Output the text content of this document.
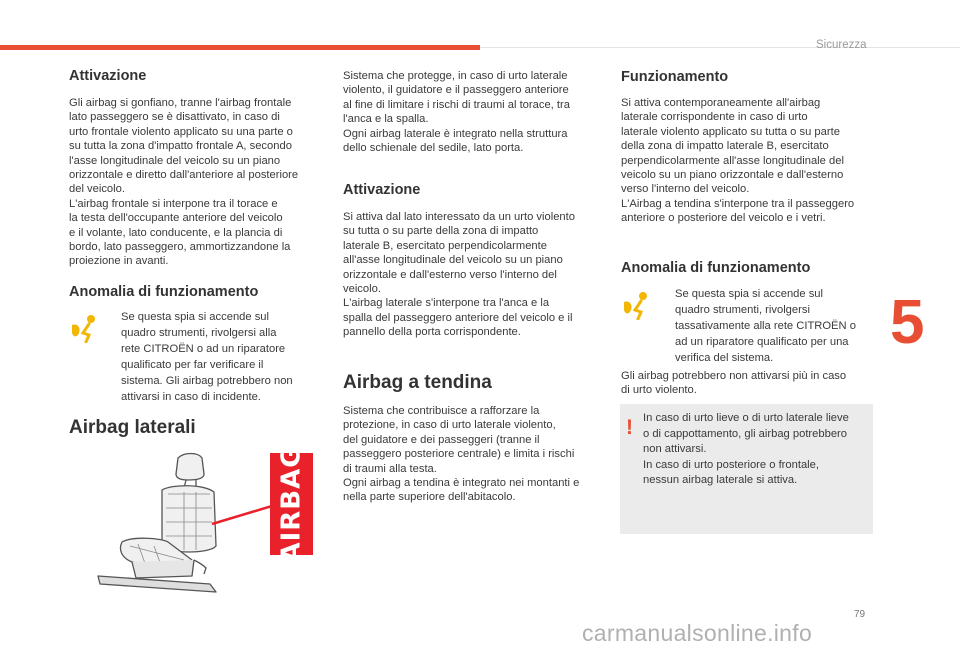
Sicurezza
Attivazione

Gli airbag si gonfiano, tranne l'airbag frontale

lato passeggero se è disattivato, in caso di

urto frontale violento applicato su una parte o

su tutta la zona d'impatto frontale A, secondo

l'asse longitudinale del veicolo su un piano

orizzontale e diretto dall'anteriore al posteriore

del veicolo.

L'airbag frontale si interpone tra il torace e

la testa dell'occupante anteriore del veicolo

e il volante, lato conducente, e la plancia di

bordo, lato passeggero, ammortizzandone la

proiezione in avanti.

Anomalia di funzionamento
Se questa spia si accende sul
quadro strumenti, rivolgersi alla
rete CITROËN o ad un riparatore
qualificato per far verificare il
sistema. Gli airbag potrebbero non
attivarsi in caso di incidente.
Airbag laterali
AIRBAG

Sistema che protegge, in caso di urto laterale

violento, il guidatore e il passeggero anteriore

al fine di limitare i rischi di traumi al torace, tra

l'anca e la spalla.

Ogni airbag laterale è integrato nella struttura

dello schienale del sedile, lato porta.

Attivazione

Si attiva dal lato interessato da un urto violento

su tutta o su parte della zona di impatto

laterale B, esercitato perpendicolarmente

all'asse longitudinale del veicolo su un piano

orizzontale e dall'esterno verso l'interno del

veicolo.

L'airbag laterale s'interpone tra l'anca e la

spalla del passeggero anteriore del veicolo e il

pannello della porta corrispondente.

Airbag a tendina

Sistema che contribuisce a rafforzare la

protezione, in caso di urto laterale violento,

del guidatore e dei passeggeri (tranne il

passeggero posteriore centrale) e limita i rischi

di traumi alla testa.

Ogni airbag a tendina è integrato nei montanti e

nella parte superiore dell'abitacolo.

Funzionamento

Si attiva contemporaneamente all'airbag

laterale corrispondente in caso di urto

laterale violento applicato su tutta o su parte

della zona di impatto laterale B, esercitato

perpendicolarmente all'asse longitudinale del

veicolo su un piano orizzontale e dall'esterno

verso l'interno del veicolo.

L'Airbag a tendina s'interpone tra il passeggero

anteriore o posteriore del veicolo e i vetri.

Anomalia di funzionamento
Se questa spia si accende sul
quadro strumenti, rivolgersi
tassativamente alla rete CITROËN o
ad un riparatore qualificato per una
verifica del sistema.

Gli airbag potrebbero non attivarsi più in caso

di urto violento.

! In caso di urto lieve o di urto laterale lieve
o di cappottamento, gli airbag potrebbero
non attivarsi.
In caso di urto posteriore o frontale,
nessun airbag laterale si attiva.
5
79
carmanualsonline.info
